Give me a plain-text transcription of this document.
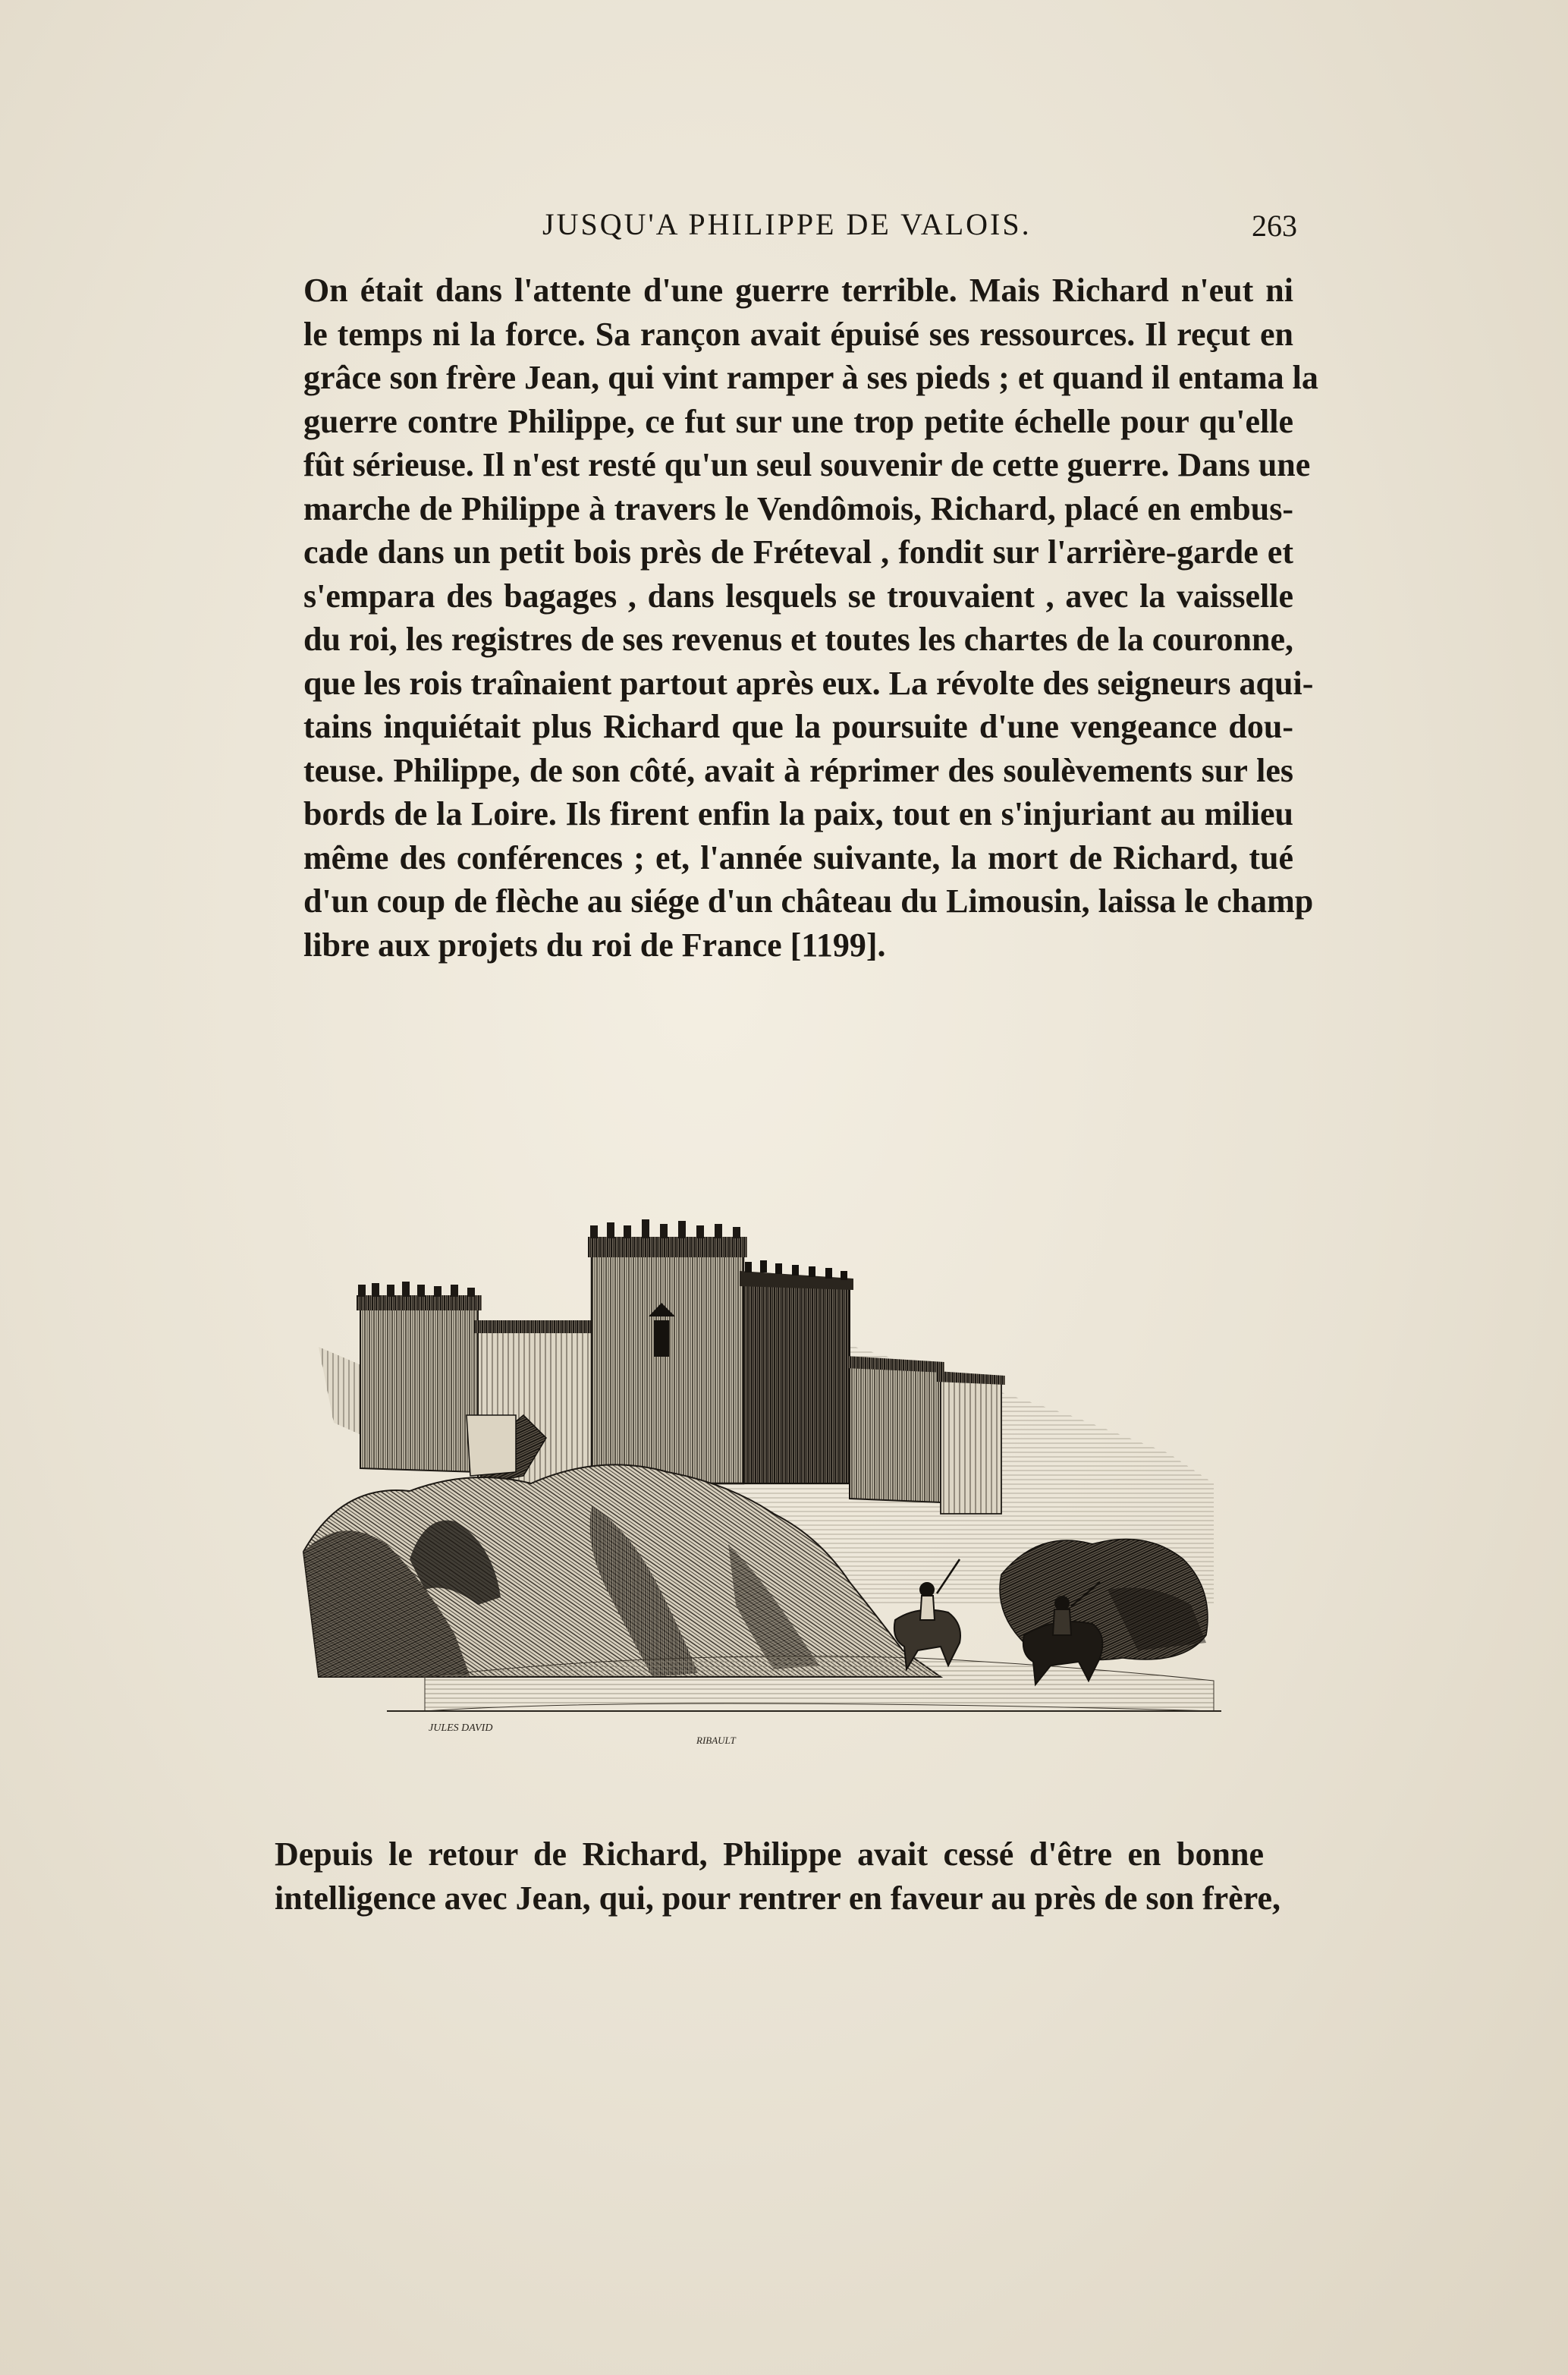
JUSQU'A PHILIPPE DE VALOIS.	263
On était dans l'attente d'une guerre terrible. Mais Richard n'eut ni
le temps ni la force. Sa rançon avait épuisé ses ressources. Il reçut en
grâce son frère Jean, qui vint ramper à ses pieds ; et quand il entama la
guerre contre Philippe, ce fut sur une trop petite échelle pour qu'elle
fût sérieuse. Il n'est resté qu'un seul souvenir de cette guerre. Dans une
marche de Philippe à travers le Vendômois, Richard, placé en embus-
cade dans un petit bois près de Fréteval , fondit sur l'arrière-garde et
s'empara des bagages , dans lesquels se trouvaient , avec la vaisselle
du roi, les registres de ses revenus et toutes les chartes de la couronne,
que les rois traînaient partout après eux. La révolte des seigneurs aqui-
tains inquiétait plus Richard que la poursuite d'une vengeance dou-
teuse. Philippe, de son côté, avait à réprimer des soulèvements sur les
bords de la Loire. Ils firent enfin la paix, tout en s'injuriant au milieu
même des conférences ; et, l'année suivante, la mort de Richard, tué
d'un coup de flèche au siége d'un château du Limousin, laissa le champ
libre aux projets du roi de France [1199].
JULES DAVID
RIBAULT
Depuis le retour de Richard, Philippe avait cessé d'être en bonne
intelligence avec Jean, qui, pour rentrer en faveur au près de son frère,
